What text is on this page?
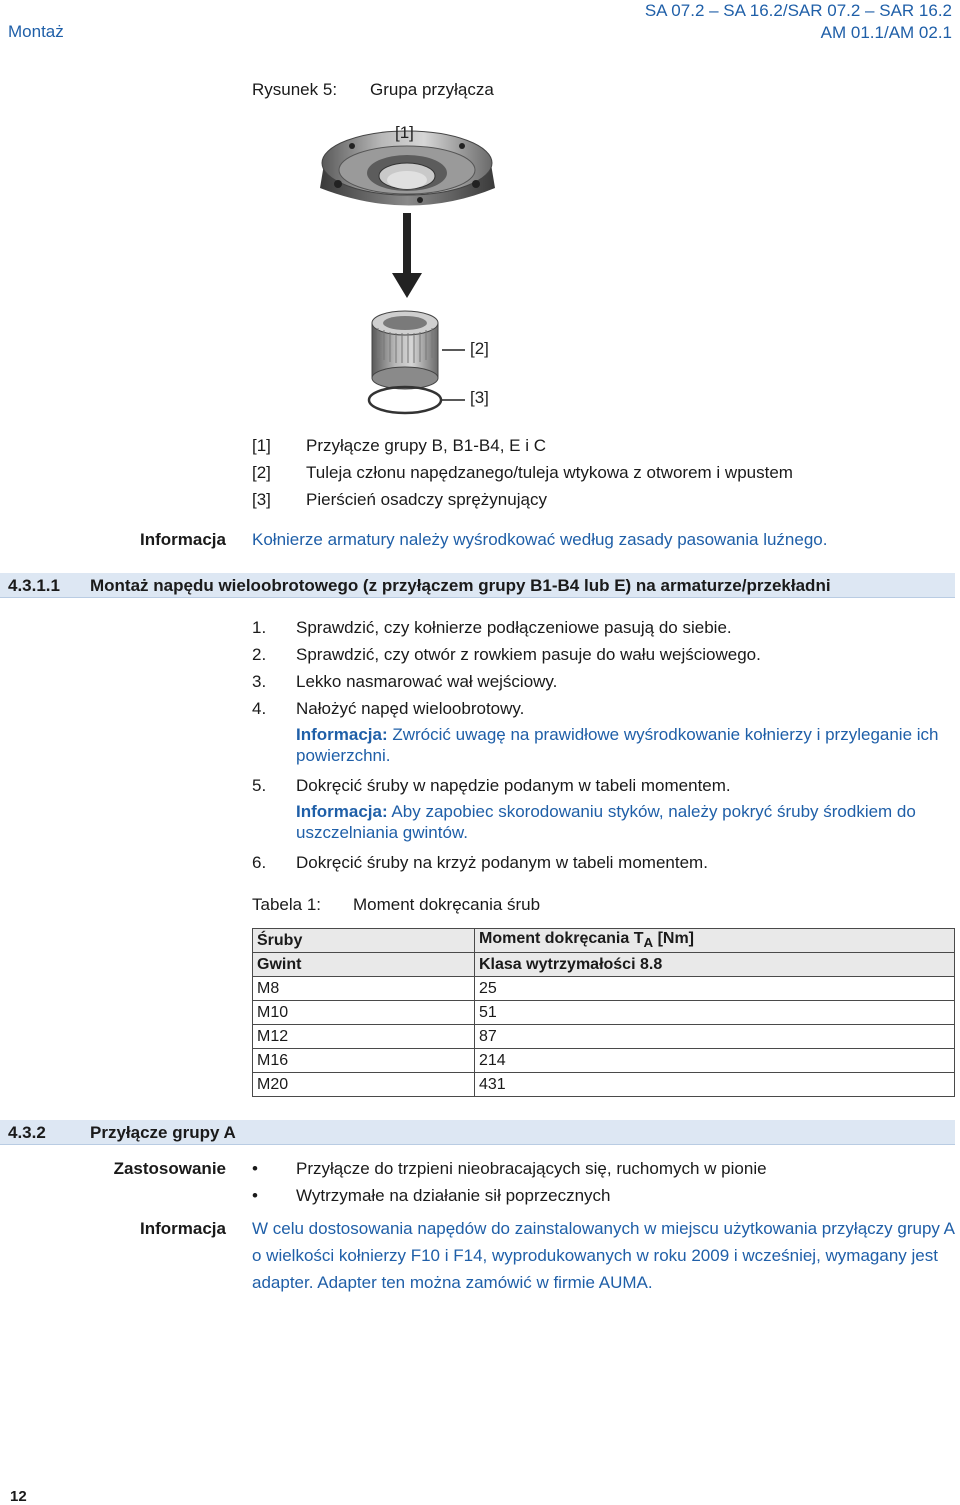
Montaż
SA 07.2 – SA 16.2/SAR 07.2 – SAR 16.2
AM 01.1/AM 02.1
Rysunek 5: Grupa przyłącza
[1]
[2]
[3]
[1] Przyłącze grupy B, B1-B4, E i C
[2] Tuleja członu napędzanego/tuleja wtykowa z otworem i wpustem
[3] Pierścień osadczy sprężynujący
Informacja Kołnierze armatury należy wyśrodkować według zasady pasowania luźnego.
4.3.1.1 Montaż napędu wieloobrotowego (z przyłączem grupy B1-B4 lub E) na armaturze/przekładni
1.	Sprawdzić, czy kołnierze podłączeniowe pasują do siebie.
2.	Sprawdzić, czy otwór z rowkiem pasuje do wału wejściowego.
3.	Lekko nasmarować wał wejściowy.
4.	Nałożyć napęd wieloobrotowy.
Informacja: Zwrócić uwagę na prawidłowe wyśrodkowanie kołnierzy i przyleganie ich powierzchni.
5.	Dokręcić śruby w napędzie podanym w tabeli momentem.
Informacja: Aby zapobiec skorodowaniu styków, należy pokryć śruby środkiem do uszczelniania gwintów.
6.	Dokręcić śruby na krzyż podanym w tabeli momentem.
Tabela 1: Moment dokręcania śrub
Śruby	Moment dokręcania $T_A$ [Nm]
Gwint	Klasa wytrzymałości 8.8
M8	25
M10	51
M12	87
M16	214
M20	431
4.3.2	Przyłącze grupy A
Zastosowanie •	Przyłącze do trzpieni nieobracających się, ruchomych w pionie
•	Wytrzymałe na działanie sił poprzecznych
Informacja W celu dostosowania napędów do zainstalowanych w miejscu użytkowania przyłączy grupy A o wielkości kołnierzy F10 i F14, wyprodukowanych w roku 2009 i wcześniej, wymagany jest adapter. Adapter ten można zamówić w firmie AUMA.
12
